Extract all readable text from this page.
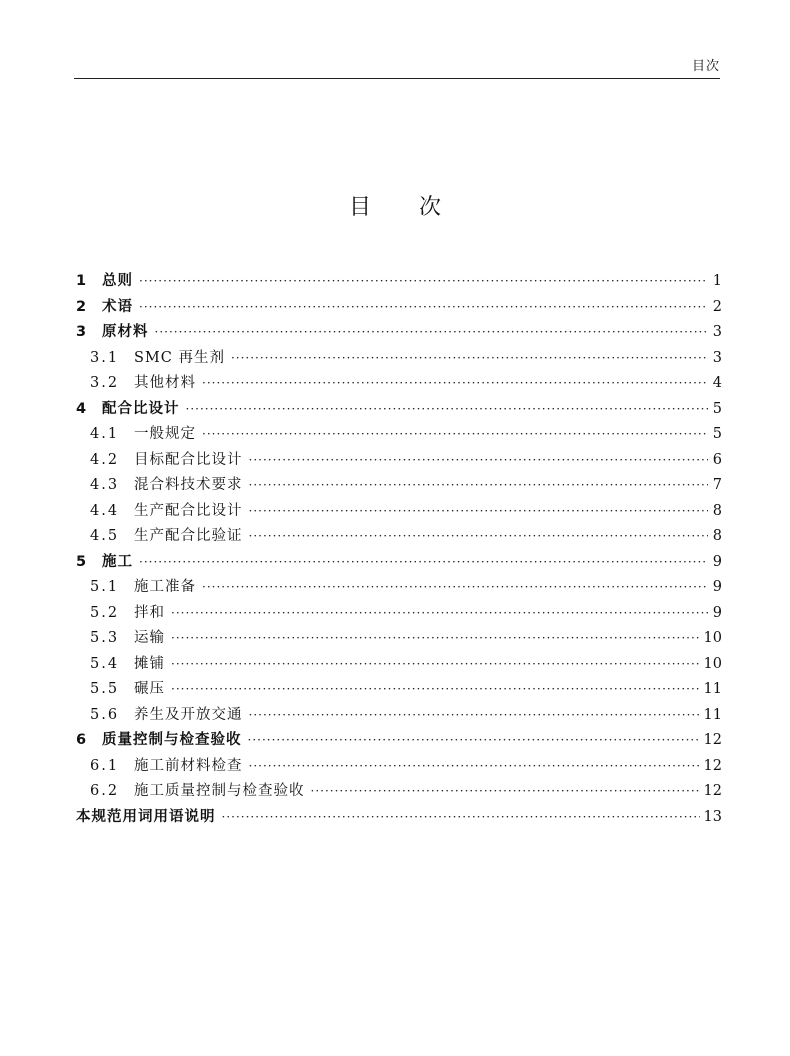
目次
目 次
1	总则 ·····	1
2	术语 ·····	2
3	原材料 ·····	3
3.1	SMC 再生剂 ·····	3
3.2	其他材料 ·····	4
4	配合比设计 ·····	5
4.1	一般规定 ·····	5
4.2	目标配合比设计 ·····	6
4.3	混合料技术要求 ·····	7
4.4	生产配合比设计 ·····	8
4.5	生产配合比验证 ·····	8
5	施工 ·····	9
5.1	施工准备 ·····	9
5.2	拌和 ·····	9
5.3	运输 ·····	10
5.4	摊铺 ·····	10
5.5	碾压 ·····	11
5.6	养生及开放交通 ·····	11
6	质量控制与检查验收 ·····	12
6.1	施工前材料检查 ·····	12
6.2	施工质量控制与检查验收 ·····	12
本规范用词用语说明 ·····	13
